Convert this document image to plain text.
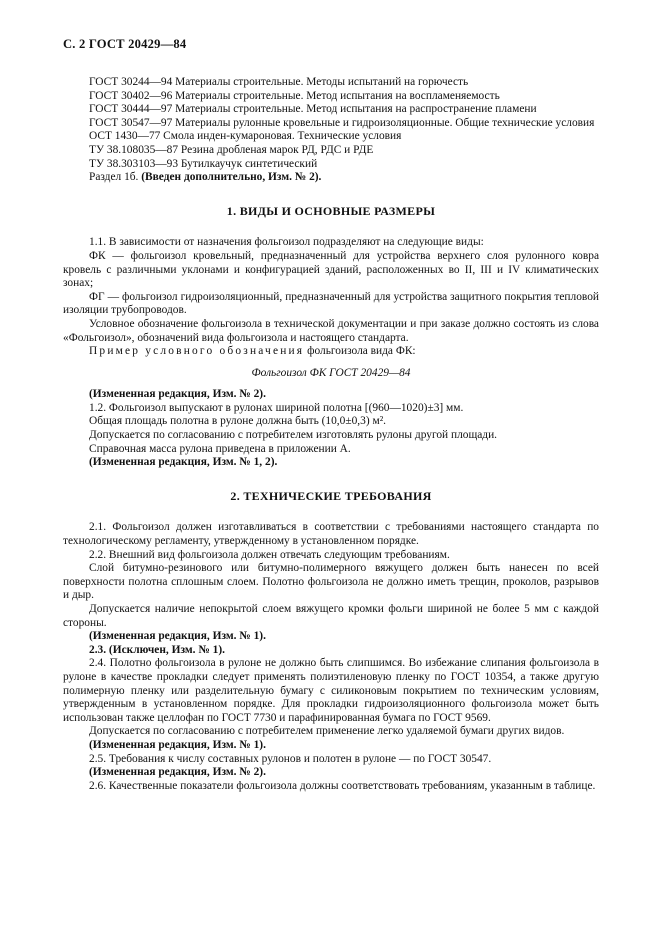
С. 2 ГОСТ 20429—84
ГОСТ 30244—94 Материалы строительные. Методы испытаний на горючесть
ГОСТ 30402—96 Материалы строительные. Метод испытания на воспламеняемость
ГОСТ 30444—97 Материалы строительные. Метод испытания на распространение пламени
ГОСТ 30547—97 Материалы рулонные кровельные и гидроизоляционные. Общие технические условия
ОСТ 1430—77 Смола инден-кумароновая. Технические условия
ТУ 38.108035—87 Резина дробленая марок РД, РДС и РДЕ
ТУ 38.303103—93 Бутилкаучук синтетический

Раздел 1б. (Введен дополнительно, Изм. № 2).

1. ВИДЫ И ОСНОВНЫЕ РАЗМЕРЫ

1.1. В зависимости от назначения фольгоизол подразделяют на следующие виды:

ФК — фольгоизол кровельный, предназначенный для устройства верхнего слоя рулонного ковра кровель с различными уклонами и конфигурацией зданий, расположенных во II, III и IV климатических зонах;

ФГ — фольгоизол гидроизоляционный, предназначенный для устройства защитного покрытия тепловой изоляции трубопроводов.

Условное обозначение фольгоизола в технической документации и при заказе должно состоять из слова «Фольгоизол», обозначений вида фольгоизола и настоящего стандарта.

Пример условного обозначения фольгоизола вида ФК:

Фольгоизол ФК ГОСТ 20429—84

(Измененная редакция, Изм. № 2).

1.2. Фольгоизол выпускают в рулонах шириной полотна [(960—1020)±3] мм.

Общая площадь полотна в рулоне должна быть (10,0±0,3) м².

Допускается по согласованию с потребителем изготовлять рулоны другой площади.

Справочная масса рулона приведена в приложении А.

(Измененная редакция, Изм. № 1, 2).

2. ТЕХНИЧЕСКИЕ ТРЕБОВАНИЯ

2.1. Фольгоизол должен изготавливаться в соответствии с требованиями настоящего стандарта по технологическому регламенту, утвержденному в установленном порядке.

2.2. Внешний вид фольгоизола должен отвечать следующим требованиям.

Слой битумно-резинового или битумно-полимерного вяжущего должен быть нанесен по всей поверхности полотна сплошным слоем. Полотно фольгоизола не должно иметь трещин, проколов, разрывов и дыр.

Допускается наличие непокрытой слоем вяжущего кромки фольги шириной не более 5 мм с каждой стороны.

(Измененная редакция, Изм. № 1).

2.3. (Исключен, Изм. № 1).

2.4. Полотно фольгоизола в рулоне не должно быть слипшимся. Во избежание слипания фольгоизола в рулоне в качестве прокладки следует применять полиэтиленовую пленку по ГОСТ 10354, а также другую полимерную пленку или разделительную бумагу с силиконовым покрытием по техническим условиям, утвержденным в установленном порядке. Для прокладки гидроизоляционного фольгоизола может быть использован также целлофан по ГОСТ 7730 и парафинированная бумага по ГОСТ 9569.

Допускается по согласованию с потребителем применение легко удаляемой бумаги других видов.

(Измененная редакция, Изм. № 1).

2.5. Требования к числу составных рулонов и полотен в рулоне — по ГОСТ 30547.

(Измененная редакция, Изм. № 2).

2.6. Качественные показатели фольгоизола должны соответствовать требованиям, указанным в таблице.
